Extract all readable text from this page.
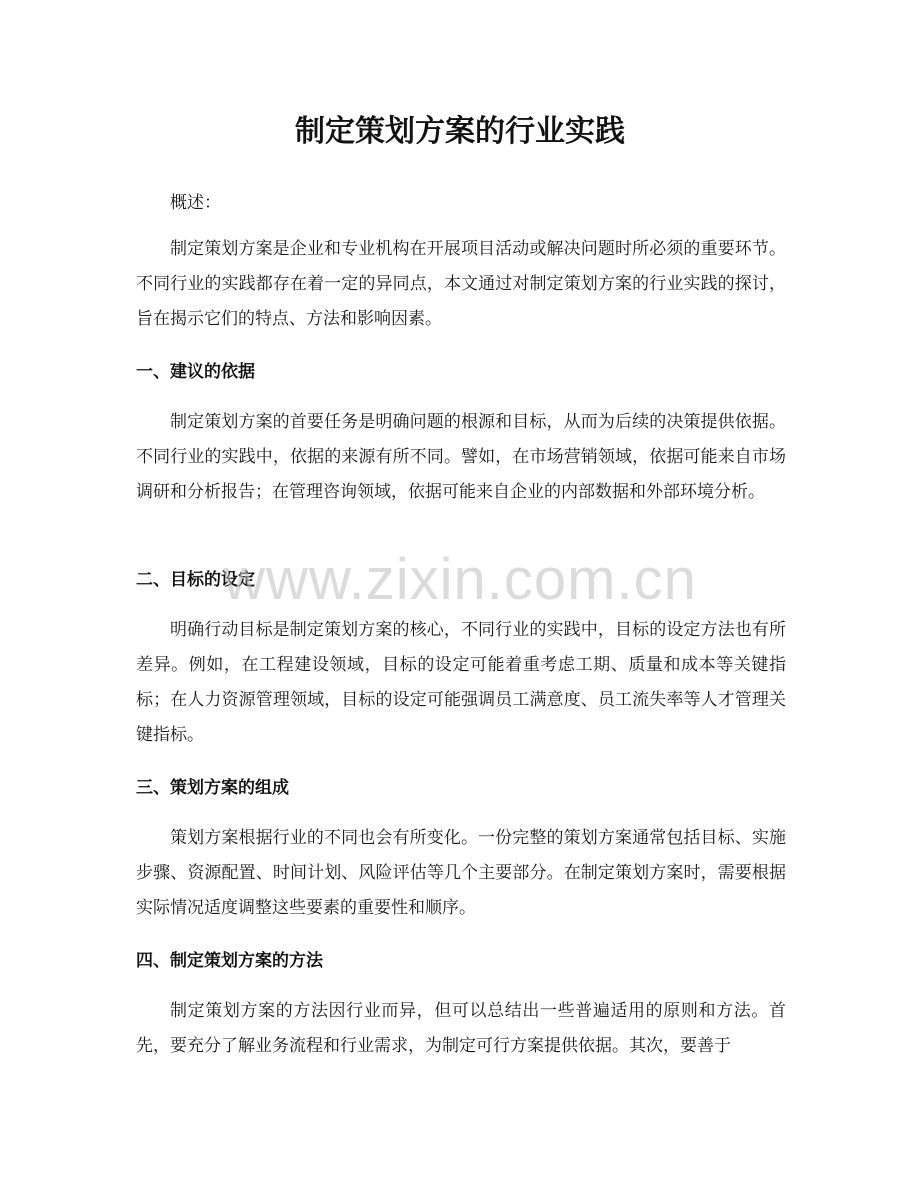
制定策划方案的行业实践

概述：

制定策划方案是企业和专业机构在开展项目活动或解决问题时所必须的重要环节。不同行业的实践都存在着一定的异同点，本文通过对制定策划方案的行业实践的探讨，旨在揭示它们的特点、方法和影响因素。

一、建议的依据

制定策划方案的首要任务是明确问题的根源和目标，从而为后续的决策提供依据。不同行业的实践中，依据的来源有所不同。譬如，在市场营销领域，依据可能来自市场调研和分析报告；在管理咨询领域，依据可能来自企业的内部数据和外部环境分析。

二、目标的设定

明确行动目标是制定策划方案的核心，不同行业的实践中，目标的设定方法也有所差异。例如，在工程建设领域，目标的设定可能着重考虑工期、质量和成本等关键指标；在人力资源管理领域，目标的设定可能强调员工满意度、员工流失率等人才管理关键指标。

三、策划方案的组成

策划方案根据行业的不同也会有所变化。一份完整的策划方案通常包括目标、实施步骤、资源配置、时间计划、风险评估等几个主要部分。在制定策划方案时，需要根据实际情况适度调整这些要素的重要性和顺序。

四、制定策划方案的方法

制定策划方案的方法因行业而异，但可以总结出一些普遍适用的原则和方法。首先，要充分了解业务流程和行业需求，为制定可行方案提供依据。其次，要善于

www.zixin.com.cn
